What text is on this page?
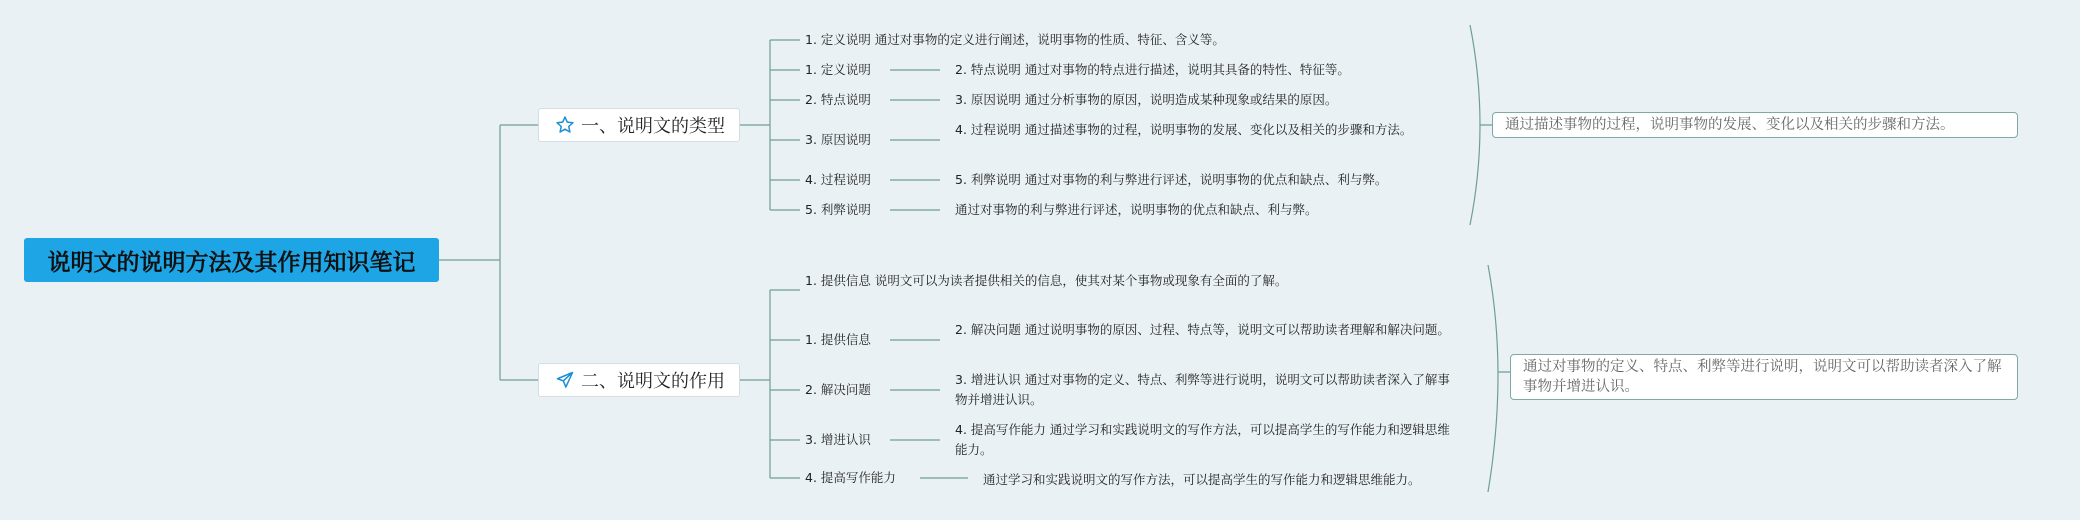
说明文的说明方法及其作用知识笔记
一、说明文的类型
1. 定义说明 通过对事物的定义进行阐述，说明事物的性质、特征、含义等。
1. 定义说明
2. 特点说明
3. 原因说明
4. 过程说明
5. 利弊说明
2. 特点说明 通过对事物的特点进行描述，说明其具备的特性、特征等。
3. 原因说明 通过分析事物的原因，说明造成某种现象或结果的原因。
4. 过程说明 通过描述事物的过程，说明事物的发展、变化以及相关的步骤和方法。
5. 利弊说明 通过对事物的利与弊进行评述，说明事物的优点和缺点、利与弊。
通过对事物的利与弊进行评述，说明事物的优点和缺点、利与弊。
通过描述事物的过程，说明事物的发展、变化以及相关的步骤和方法。
二、说明文的作用
1. 提供信息 说明文可以为读者提供相关的信息，使其对某个事物或现象有全面的了解。
1. 提供信息
2. 解决问题
3. 增进认识
4. 提高写作能力
2. 解决问题 通过说明事物的原因、过程、特点等，说明文可以帮助读者理解和解决问题。
3. 增进认识 通过对事物的定义、特点、利弊等进行说明，说明文可以帮助读者深入了解事物并增进认识。
4. 提高写作能力 通过学习和实践说明文的写作方法，可以提高学生的写作能力和逻辑思维能力。
通过学习和实践说明文的写作方法，可以提高学生的写作能力和逻辑思维能力。
通过对事物的定义、特点、利弊等进行说明，说明文可以帮助读者深入了解事物并增进认识。
